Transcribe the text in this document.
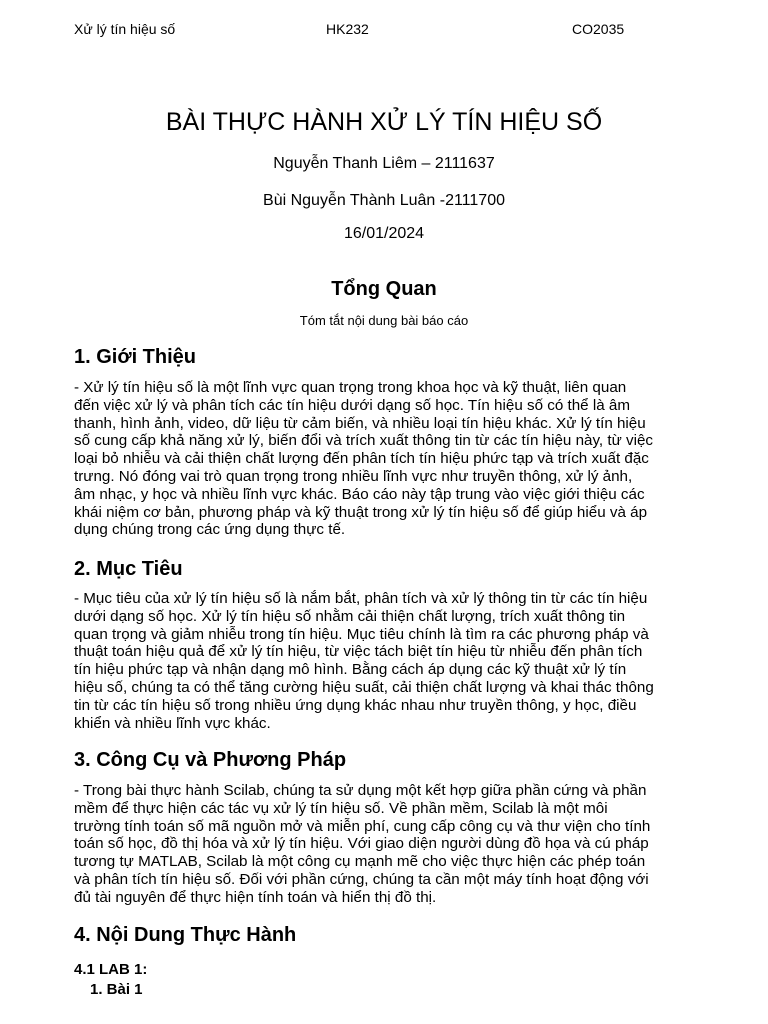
Xử lý tín hiệu số	HK232	CO2035
BÀI THỰC HÀNH XỬ LÝ TÍN HIỆU SỐ
Nguyễn Thanh Liêm – 2111637
Bùi Nguyễn Thành Luân -2111700
16/01/2024
Tổng Quan
Tóm tắt nội dung bài báo cáo
1. Giới Thiệu
- Xử lý tín hiệu số là một lĩnh vực quan trọng trong khoa học và kỹ thuật, liên quan
đến việc xử lý và phân tích các tín hiệu dưới dạng số học. Tín hiệu số có thể là âm
thanh, hình ảnh, video, dữ liệu từ cảm biến, và nhiều loại tín hiệu khác. Xử lý tín hiệu
số cung cấp khả năng xử lý, biến đổi và trích xuất thông tin từ các tín hiệu này, từ việc
loại bỏ nhiễu và cải thiện chất lượng đến phân tích tín hiệu phức tạp và trích xuất đặc
trưng. Nó đóng vai trò quan trọng trong nhiều lĩnh vực như truyền thông, xử lý ảnh,
âm nhạc, y học và nhiều lĩnh vực khác. Báo cáo này tập trung vào việc giới thiệu các
khái niệm cơ bản, phương pháp và kỹ thuật trong xử lý tín hiệu số để giúp hiểu và áp
dụng chúng trong các ứng dụng thực tế.
2. Mục Tiêu
- Mục tiêu của xử lý tín hiệu số là nắm bắt, phân tích và xử lý thông tin từ các tín hiệu
dưới dạng số học. Xử lý tín hiệu số nhằm cải thiện chất lượng, trích xuất thông tin
quan trọng và giảm nhiễu trong tín hiệu. Mục tiêu chính là tìm ra các phương pháp và
thuật toán hiệu quả để xử lý tín hiệu, từ việc tách biệt tín hiệu từ nhiễu đến phân tích
tín hiệu phức tạp và nhận dạng mô hình. Bằng cách áp dụng các kỹ thuật xử lý tín
hiệu số, chúng ta có thể tăng cường hiệu suất, cải thiện chất lượng và khai thác thông
tin từ các tín hiệu số trong nhiều ứng dụng khác nhau như truyền thông, y học, điều
khiển và nhiều lĩnh vực khác.
3. Công Cụ và Phương Pháp
- Trong bài thực hành Scilab, chúng ta sử dụng một kết hợp giữa phần cứng và phần
mềm để thực hiện các tác vụ xử lý tín hiệu số. Về phần mềm, Scilab là một môi
trường tính toán số mã nguồn mở và miễn phí, cung cấp công cụ và thư viện cho tính
toán số học, đồ thị hóa và xử lý tín hiệu. Với giao diện người dùng đồ họa và cú pháp
tương tự MATLAB, Scilab là một công cụ mạnh mẽ cho việc thực hiện các phép toán
và phân tích tín hiệu số. Đối với phần cứng, chúng ta cần một máy tính hoạt động với
đủ tài nguyên để thực hiện tính toán và hiển thị đồ thị.
4. Nội Dung Thực Hành
4.1 LAB 1:
1. Bài 1
